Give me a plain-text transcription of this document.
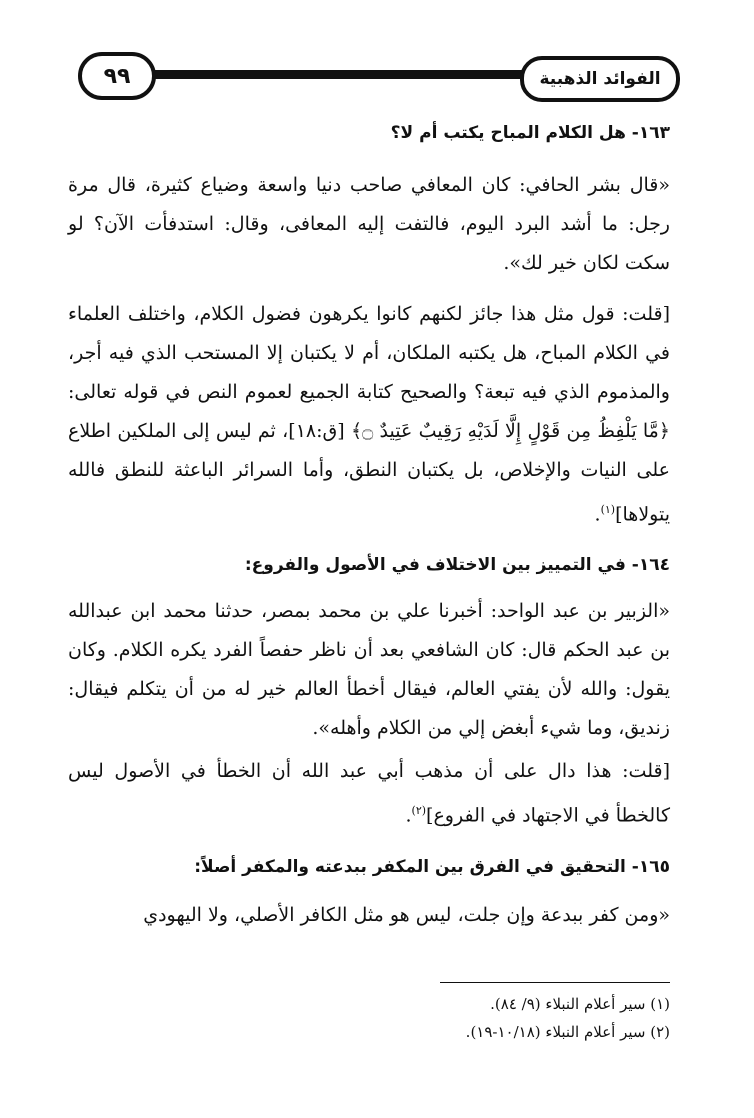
٩٩	الفوائد الذهبية
١٦٣- هل الكلام المباح يكتب أم لا؟

«قال بشر الحافي: كان المعافي صاحب دنيا واسعة وضياع كثيرة، قال مرة رجل: ما أشد البرد اليوم، فالتفت إليه المعافى، وقال: استدفأت الآن؟ لو سكت لكان خير لك».

[قلت: قول مثل هذا جائز لكنهم كانوا يكرهون فضول الكلام، واختلف العلماء في الكلام المباح، هل يكتبه الملكان، أم لا يكتبان إلا المستحب الذي فيه أجر، والمذموم الذي فيه تبعة؟ والصحيح كتابة الجميع لعموم النص في قوله تعالى: ﴿مَّا يَلْفِظُ مِن قَوْلٍ إِلَّا لَدَيْهِ رَقِيبٌ عَتِيدٌ ۝﴾ [ق:١٨]، ثم ليس إلى الملكين اطلاع على النيات والإخلاص، بل يكتبان النطق، وأما السرائر الباعثة للنطق فالله يتولاها]$^{(١)}$.

١٦٤- في التمييز بين الاختلاف في الأصول والفروع:

«الزبير بن عبد الواحد: أخبرنا علي بن محمد بمصر، حدثنا محمد ابن عبدالله بن عبد الحكم قال: كان الشافعي بعد أن ناظر حفصاً الفرد يكره الكلام. وكان يقول: والله لأن يفتي العالم، فيقال أخطأ العالم خير له من أن يتكلم فيقال: زنديق، وما شيء أبغض إلي من الكلام وأهله».

[قلت: هذا دال على أن مذهب أبي عبد الله أن الخطأ في الأصول ليس كالخطأ في الاجتهاد في الفروع]$^{(٢)}$.

١٦٥- التحقيق في الفرق بين المكفر ببدعته والمكفر أصلاً:

«ومن كفر ببدعة وإن جلت، ليس هو مثل الكافر الأصلي، ولا اليهودي

(١) سير أعلام النبلاء (٩/ ٨٤).

(٢) سير أعلام النبلاء (١٠/١٨-١٩).
